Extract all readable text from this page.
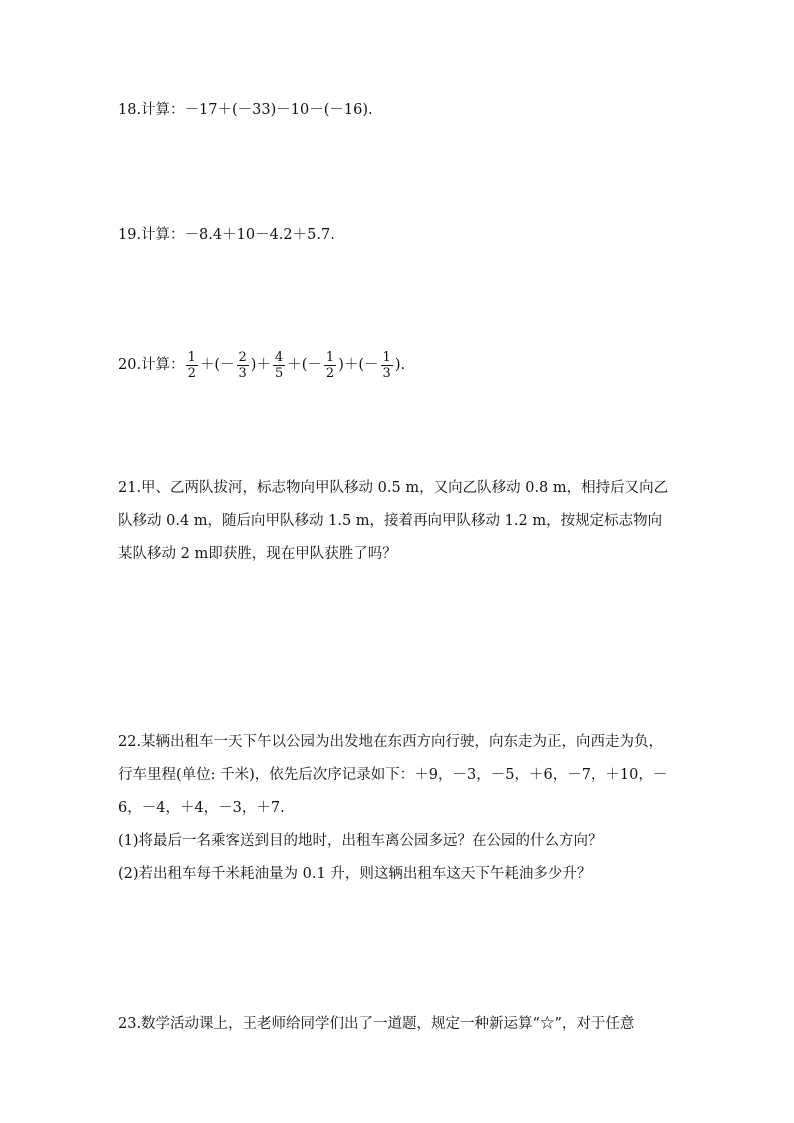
18.计算：－17＋(－33)－10－(－16).
19.计算：－8.4＋10－4.2＋5.7.
20. 计算： $\frac{1}{2}$ ＋(－ $\frac{2}{3}$ )＋ $\frac{4}{5}$ ＋(－ $\frac{1}{2}$ )＋(－ $\frac{1}{3}$ ).
21.甲、乙两队拔河，标志物向甲队移动 0.5 m，又向乙队移动 0.8 m，相持后又向乙
队移动 0.4 m，随后向甲队移动 1.5 m，接着再向甲队移动 1.2 m，按规定标志物向
某队移动 2 m即获胜，现在甲队获胜了吗？
22.某辆出租车一天下午以公园为出发地在东西方向行驶，向东走为正，向西走为负，
行车里程(单位: 千米)，依先后次序记录如下：＋9，－3，－5，＋6，－7，＋10，－
6，－4，＋4，－3，＋7.
(1)将最后一名乘客送到目的地时，出租车离公园多远？在公园的什么方向？
(2)若出租车每千米耗油量为 0.1 升，则这辆出租车这天下午耗油多少升？
23.数学活动课上，王老师给同学们出了一道题，规定一种新运算“☆”，对于任意
